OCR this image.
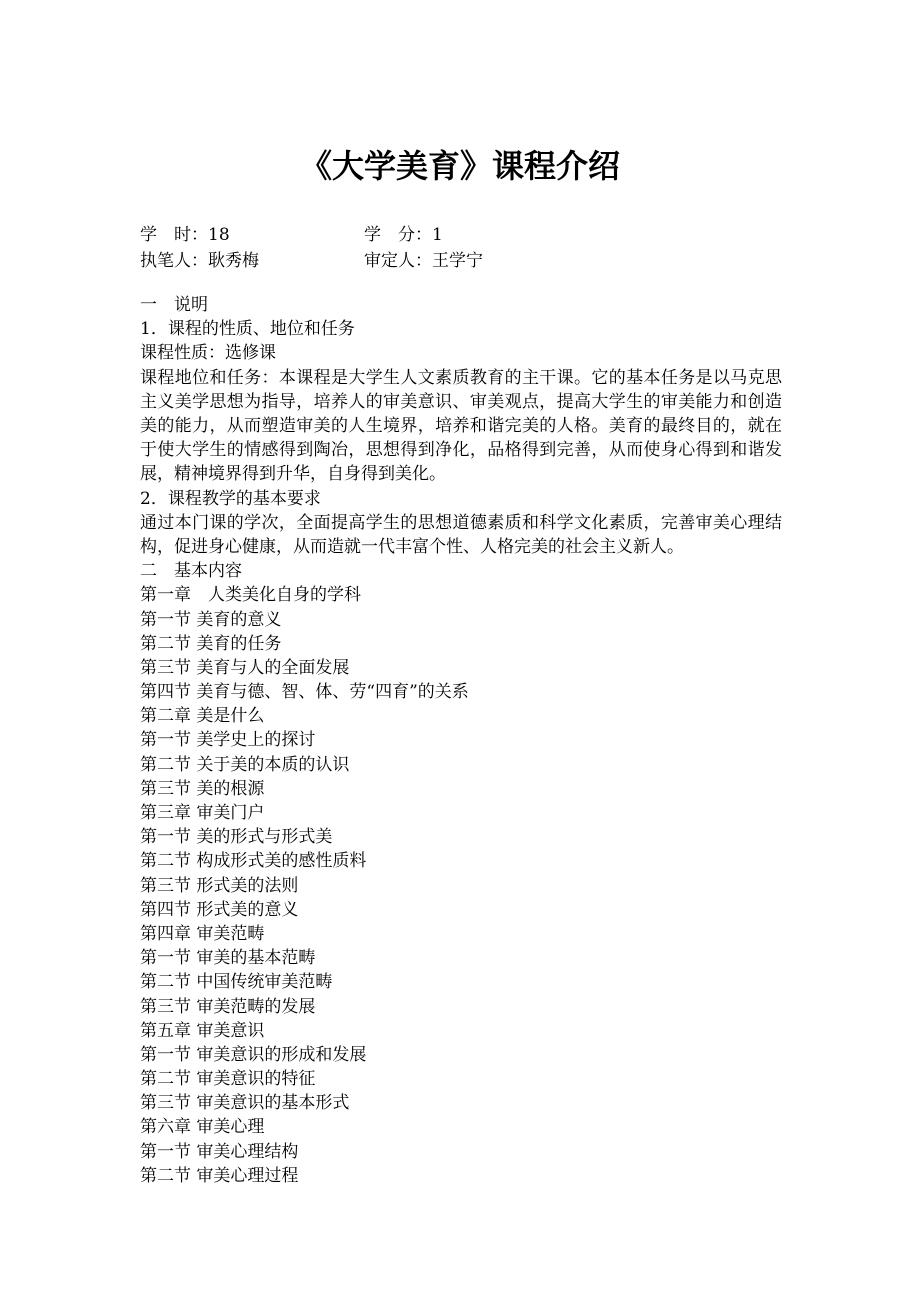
《大学美育》课程介绍
学　时：18	学　分：1
执笔人：耿秀梅	审定人：王学宁
一　说明
1．课程的性质、地位和任务
课程性质：选修课
课程地位和任务：本课程是大学生人文素质教育的主干课。它的基本任务是以马克思主义美学思想为指导，培养人的审美意识、审美观点，提高大学生的审美能力和创造美的能力，从而塑造审美的人生境界，培养和谐完美的人格。美育的最终目的，就在于使大学生的情感得到陶冶，思想得到净化，品格得到完善，从而使身心得到和谐发展，精神境界得到升华，自身得到美化。
2．课程教学的基本要求
通过本门课的学次，全面提高学生的思想道德素质和科学文化素质，完善审美心理结构，促进身心健康，从而造就一代丰富个性、人格完美的社会主义新人。
二　基本内容
第一章　人类美化自身的学科
第一节 美育的意义
第二节 美育的任务
第三节 美育与人的全面发展
第四节 美育与德、智、体、劳“四育”的关系
第二章 美是什么
第一节 美学史上的探讨
第二节 关于美的本质的认识
第三节 美的根源
第三章 审美门户
第一节 美的形式与形式美
第二节 构成形式美的感性质料
第三节 形式美的法则
第四节 形式美的意义
第四章 审美范畴
第一节 审美的基本范畴
第二节 中国传统审美范畴
第三节 审美范畴的发展
第五章 审美意识
第一节 审美意识的形成和发展
第二节 审美意识的特征
第三节 审美意识的基本形式
第六章 审美心理
第一节 审美心理结构
第二节 审美心理过程
